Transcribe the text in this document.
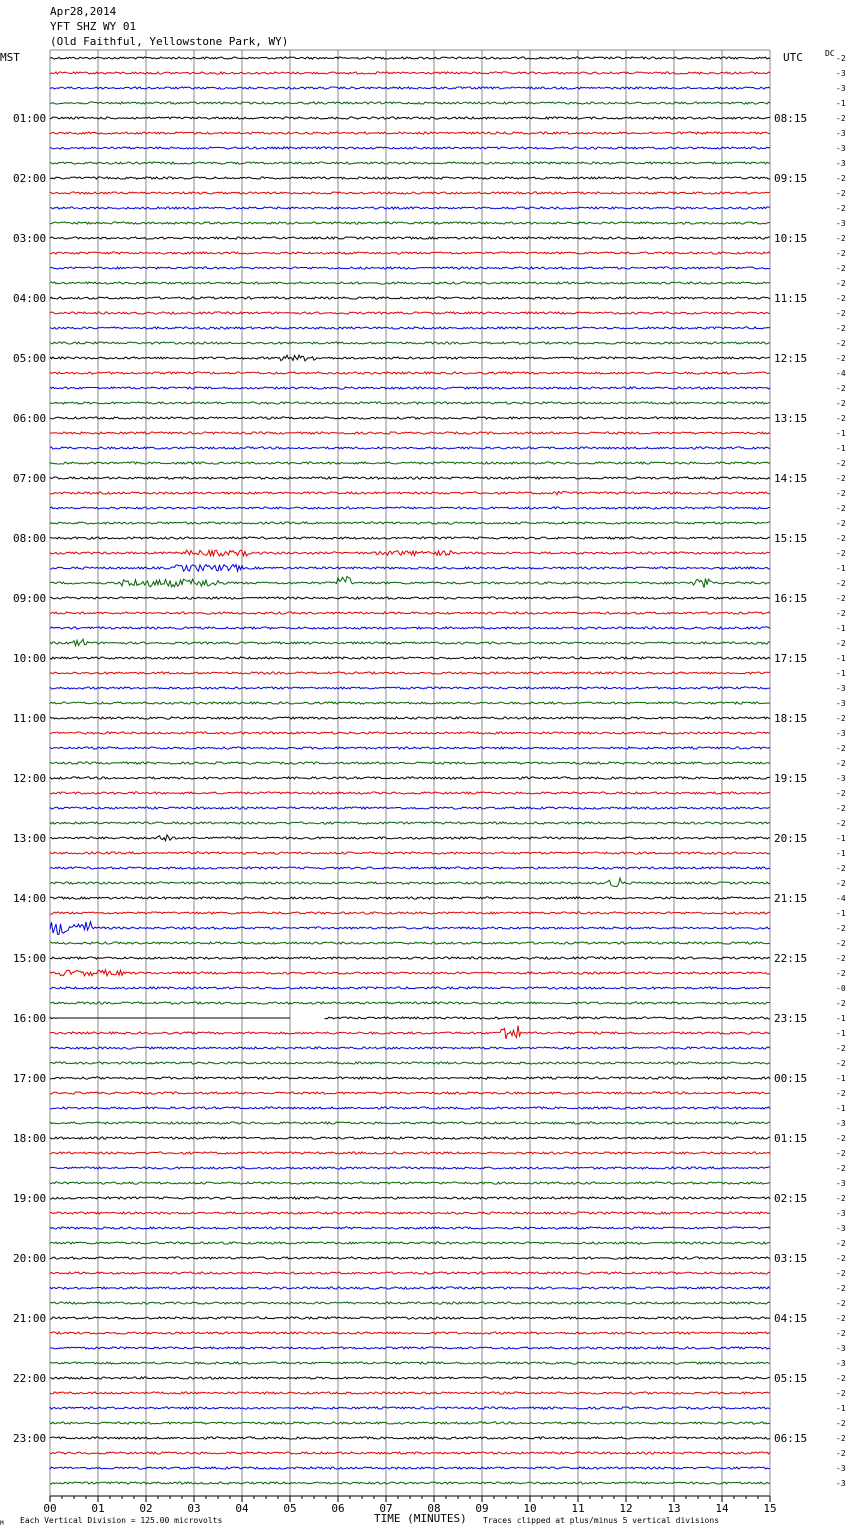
Apr28,2014
YFT SHZ WY 01
(Old Faithful, Yellowstone Park, WY)
01:00
02:00
03:00
04:00
05:00
06:00
07:00
08:00
09:00
10:00
11:00
12:00
13:00
14:00
15:00
16:00
17:00
18:00
19:00
20:00
21:00
22:00
23:00
08:15
09:15
10:15
11:15
12:15
13:15
14:15
15:15
16:15
17:15
18:15
19:15
20:15
21:15
22:15
23:15
00:15
01:15
02:15
03:15
04:15
05:15
06:15
-2
-3
-3
-1
-2
-3
-3
-3
-2
-2
-2
-3
-2
-2
-2
-2
-2
-2
-2
-2
-2
-4
-2
-2
-2
-1
-1
-2
-2
-2
-2
-2
-2
-2
-1
-2
-2
-2
-1
-2
-1
-1
-3
-3
-2
-3
-2
-2
-3
-2
-2
-2
-1
-1
-2
-2
-4
-1
-2
-2
-2
-2
-0
-2
-1
-1
-2
-2
-1
-2
-1
-3
-2
-2
-2
-3
-2
-3
-3
-2
-2
-2
-2
-2
-2
-2
-3
-3
-2
-2
-1
-2
-2
-2
-3
-3
00	01	02	03	04	05	06	07	08	09	10	11	12	13	14	15
MST	UTC	DC
M Each Vertical Division = 125.00 microvolts	TIME (MINUTES) Traces clipped at plus/minus 5 vertical divisions
